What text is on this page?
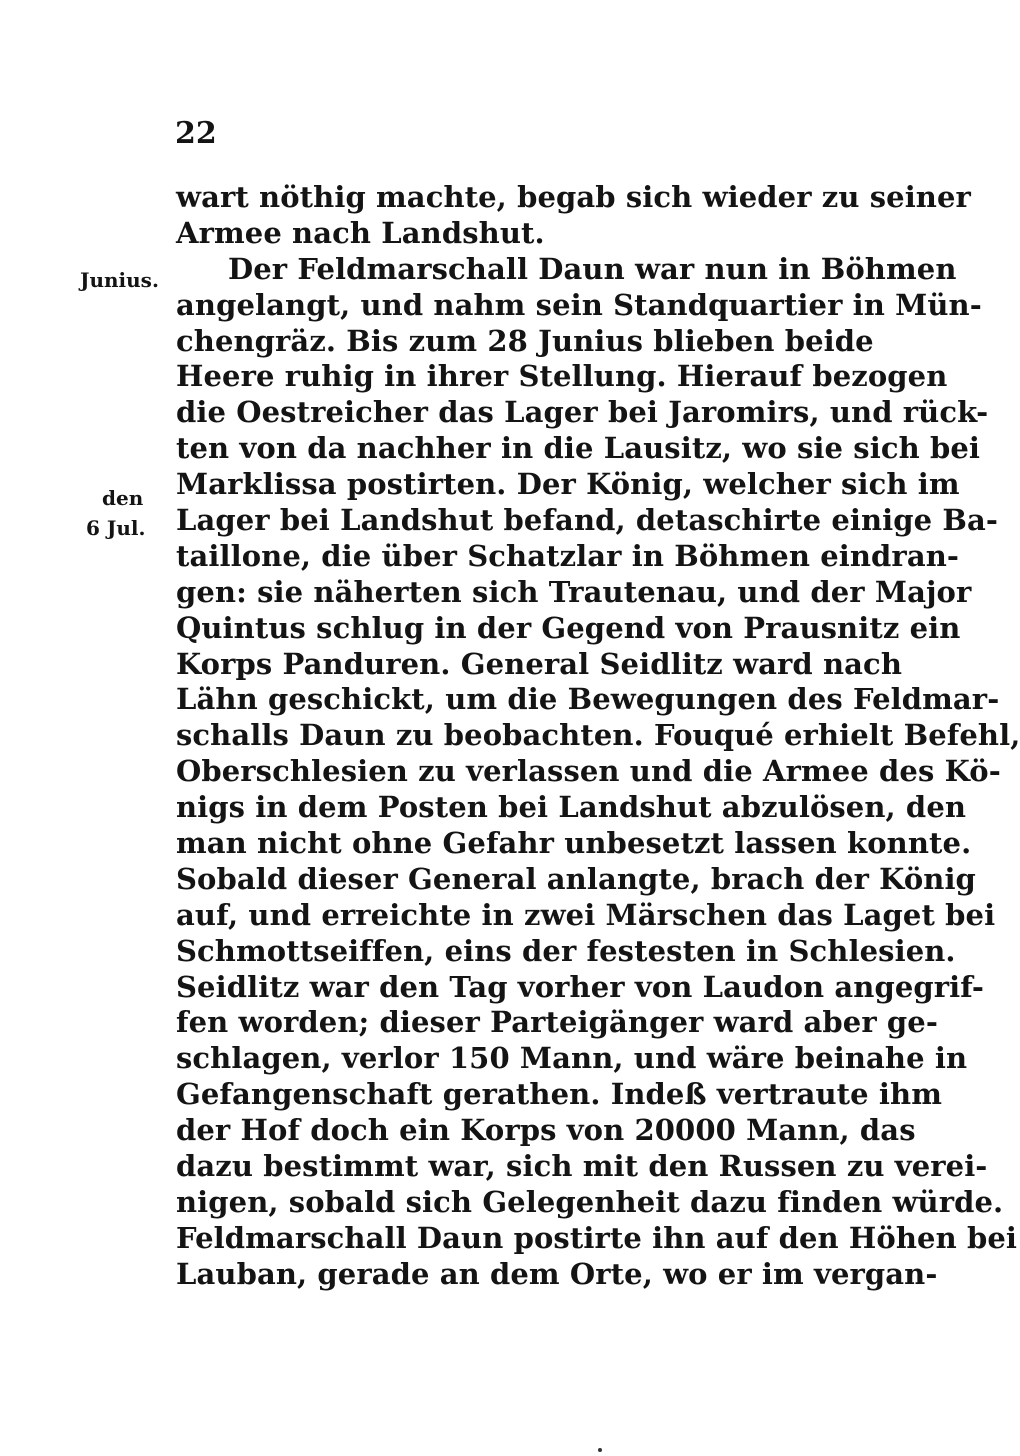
22
Junius.
den
6 Jul.
wart nöthig machte, begab sich wieder zu seiner
Armee nach Landshut.
Der Feldmarschall Daun war nun in Böhmen
angelangt, und nahm sein Standquartier in Mün-
chengräz. Bis zum 28 Junius blieben beide
Heere ruhig in ihrer Stellung. Hierauf bezogen
die Oestreicher das Lager bei Jaromirs, und rück-
ten von da nachher in die Lausitz, wo sie sich bei
Marklissa postirten. Der König, welcher sich im
Lager bei Landshut befand, detaschirte einige Ba-
taillone, die über Schatzlar in Böhmen eindran-
gen: sie näherten sich Trautenau, und der Major
Quintus schlug in der Gegend von Prausnitz ein
Korps Panduren. General Seidlitz ward nach
Lähn geschickt, um die Bewegungen des Feldmar-
schalls Daun zu beobachten. Fouqué erhielt Befehl,
Oberschlesien zu verlassen und die Armee des Kö-
nigs in dem Posten bei Landshut abzulösen, den
man nicht ohne Gefahr unbesetzt lassen konnte.
Sobald dieser General anlangte, brach der König
auf, und erreichte in zwei Märschen das Laget bei
Schmottseiffen, eins der festesten in Schlesien.
Seidlitz war den Tag vorher von Laudon angegrif-
fen worden; dieser Parteigänger ward aber ge-
schlagen, verlor 150 Mann, und wäre beinahe in
Gefangenschaft gerathen. Indeß vertraute ihm
der Hof doch ein Korps von 20000 Mann, das
dazu bestimmt war, sich mit den Russen zu verei-
nigen, sobald sich Gelegenheit dazu finden würde.
Feldmarschall Daun postirte ihn auf den Höhen bei
Lauban, gerade an dem Orte, wo er im vergan-
